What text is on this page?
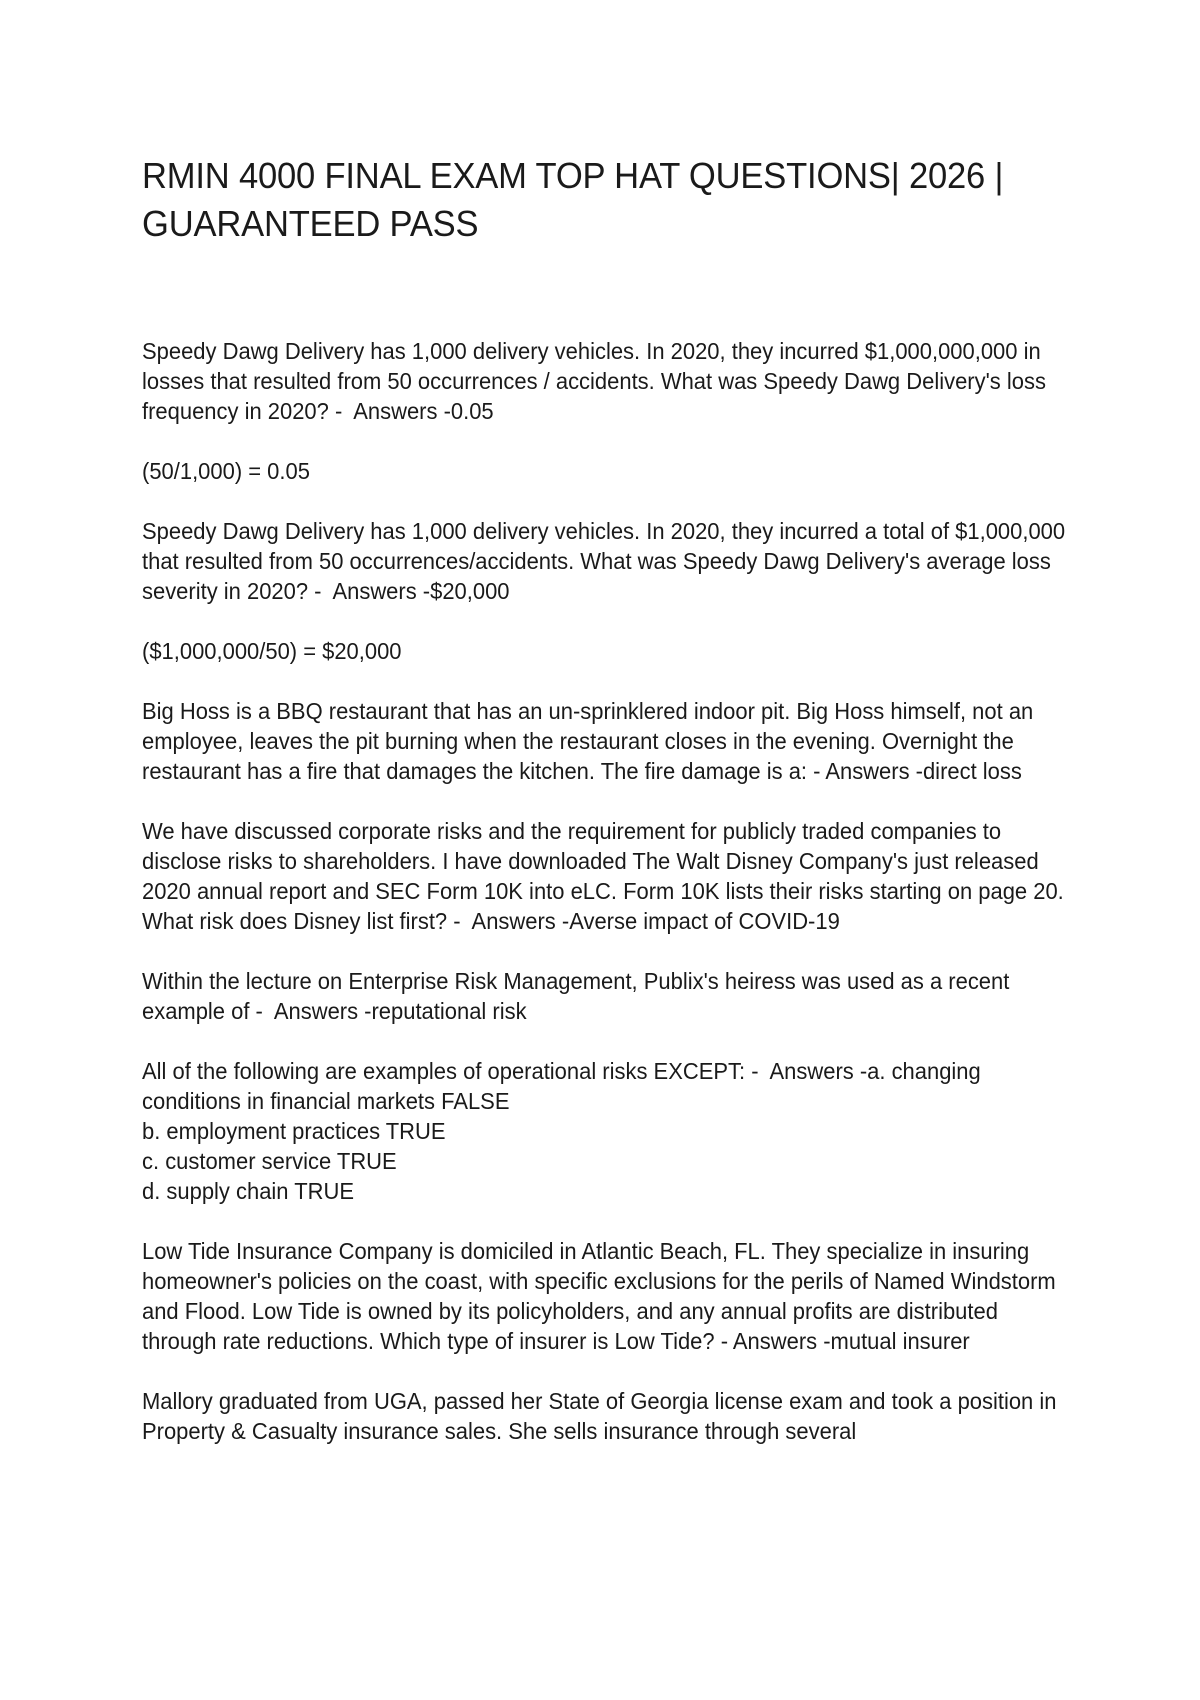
RMIN 4000 FINAL EXAM TOP HAT QUESTIONS| 2026 | GUARANTEED PASS

Speedy Dawg Delivery has 1,000 delivery vehicles. In 2020, they incurred $1,000,000,000 in losses that resulted from 50 occurrences / accidents. What was Speedy Dawg Delivery's loss frequency in 2020? -  Answers -0.05

(50/1,000) = 0.05

Speedy Dawg Delivery has 1,000 delivery vehicles. In 2020, they incurred a total of $1,000,000 that resulted from 50 occurrences/accidents. What was Speedy Dawg Delivery's average loss severity in 2020? -  Answers -$20,000

($1,000,000/50) = $20,000

Big Hoss is a BBQ restaurant that has an un-sprinklered indoor pit. Big Hoss himself, not an employee, leaves the pit burning when the restaurant closes in the evening. Overnight the restaurant has a fire that damages the kitchen. The fire damage is a: - Answers -direct loss

We have discussed corporate risks and the requirement for publicly traded companies to disclose risks to shareholders. I have downloaded The Walt Disney Company's just released 2020 annual report and SEC Form 10K into eLC. Form 10K lists their risks starting on page 20. What risk does Disney list first? -  Answers -Averse impact of COVID-19

Within the lecture on Enterprise Risk Management, Publix's heiress was used as a recent example of -  Answers -reputational risk

All of the following are examples of operational risks EXCEPT: -  Answers -a. changing conditions in financial markets FALSE
b. employment practices TRUE
c. customer service TRUE
d. supply chain TRUE

Low Tide Insurance Company is domiciled in Atlantic Beach, FL. They specialize in insuring homeowner's policies on the coast, with specific exclusions for the perils of Named Windstorm and Flood. Low Tide is owned by its policyholders, and any annual profits are distributed through rate reductions. Which type of insurer is Low Tide? - Answers -mutual insurer

Mallory graduated from UGA, passed her State of Georgia license exam and took a position in Property & Casualty insurance sales. She sells insurance through several
